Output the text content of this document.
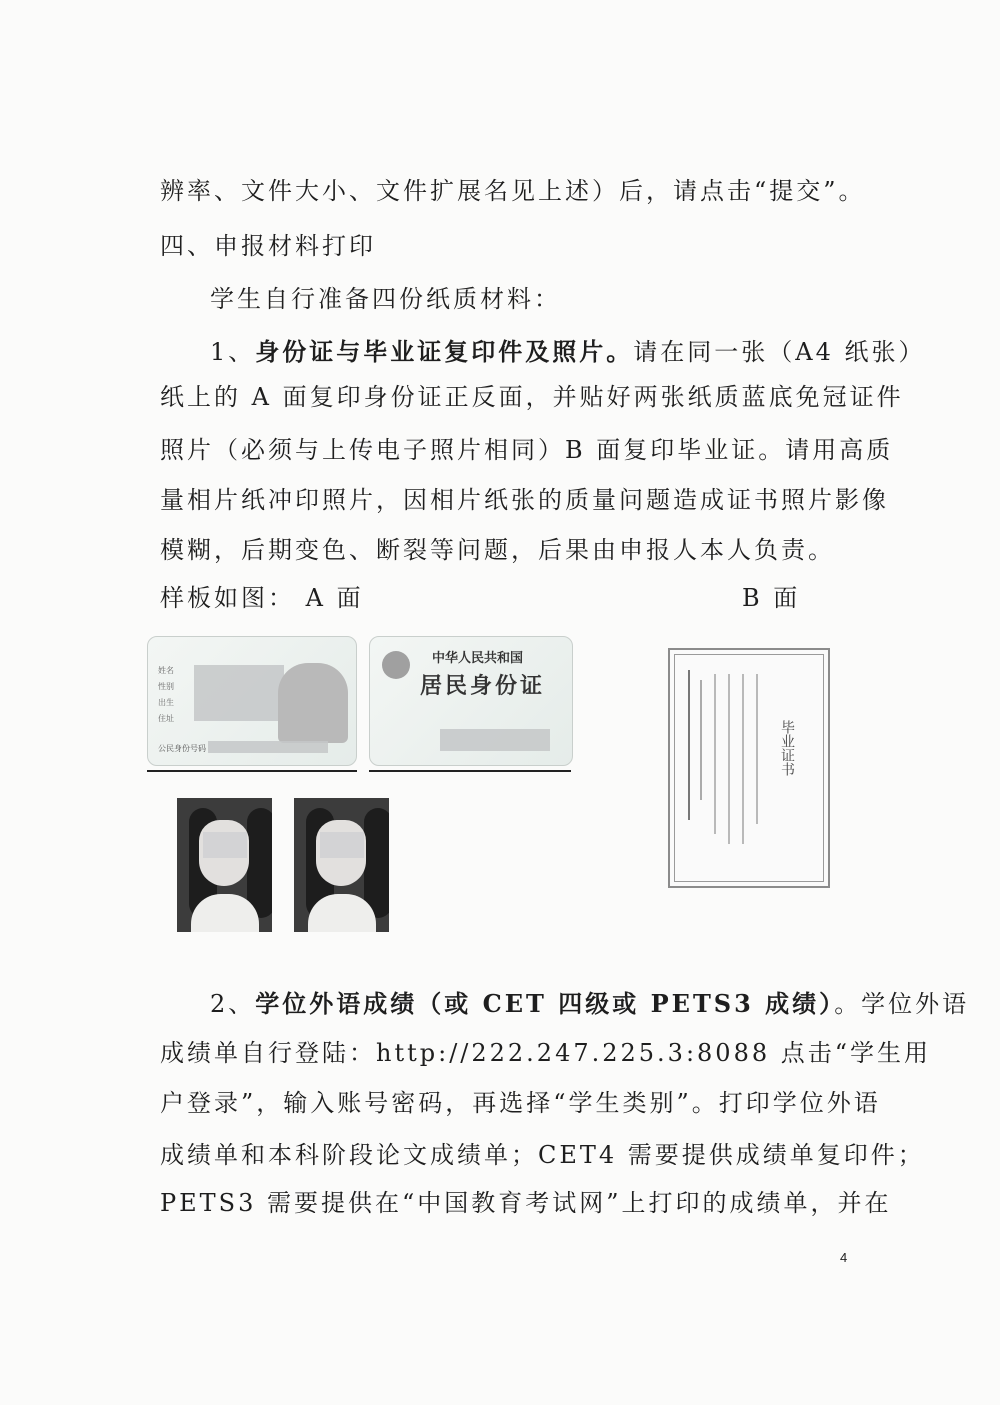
辨率、文件大小、文件扩展名见上述）后，请点击“提交”。
四、申报材料打印
学生自行准备四份纸质材料：
1、身份证与毕业证复印件及照片。请在同一张（A4 纸张）
纸上的 A 面复印身份证正反面，并贴好两张纸质蓝底免冠证件
照片（必须与上传电子照片相同）B 面复印毕业证。请用高质
量相片纸冲印照片，因相片纸张的质量问题造成证书照片影像
模糊，后期变色、断裂等问题，后果由申报人本人负责。
样板如图： A 面	B 面
姓名
性别
出生
住址
公民身份号码
中华人民共和国
居民身份证
毕业证书
2、学位外语成绩（或 CET 四级或 PETS3 成绩）。学位外语
成绩单自行登陆：http://222.247.225.3:8088 点击“学生用
户登录”，输入账号密码，再选择“学生类别”。打印学位外语
成绩单和本科阶段论文成绩单；CET4 需要提供成绩单复印件；
PETS3 需要提供在“中国教育考试网”上打印的成绩单，并在
4
